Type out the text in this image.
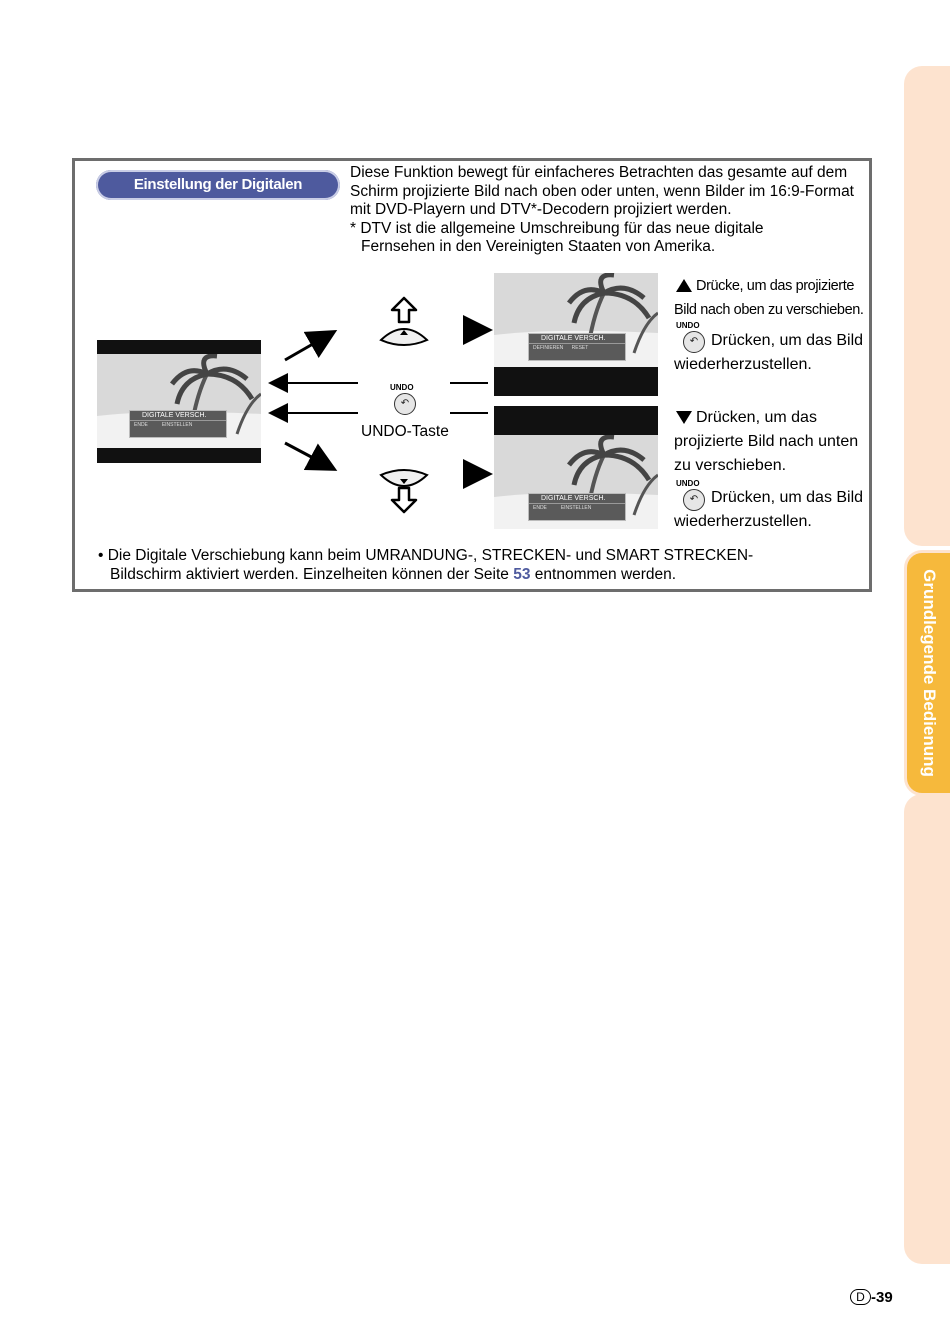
Grundlegende Bedienung
Einstellung der Digitalen Verschiebung

Diese Funktion bewegt für einfacheres Betrachten das gesamte auf dem Schirm projizierte Bild nach oben oder unten, wenn Bilder im 16:9-Format mit DVD-Playern und DTV*-Decodern projiziert werden.

* DTV ist die allgemeine Umschreibung für das neue digitale

Fernsehen in den Vereinigten Staaten von Amerika.

DIGITALE VERSCH.
ENDE	EINSTELLEN
DIGITALE VERSCH.
DEFINIEREN RESET
DIGITALE VERSCH.
ENDE	EINSTELLEN
UNDO
↶
UNDO-Taste
Drücke, um das projizierte
Bild nach oben zu verschieben.
UNDO
↶ Drücken, um das Bild
wiederherzustellen.
Drücken, um das
projizierte Bild nach unten
zu verschieben.
UNDO
↶ Drücken, um das Bild
wiederherzustellen.
• Die Digitale Verschiebung kann beim UMRANDUNG-, STRECKEN- und SMART STRECKEN-
Bildschirm aktiviert werden. Einzelheiten können der Seite 53 entnommen werden.
D -39
